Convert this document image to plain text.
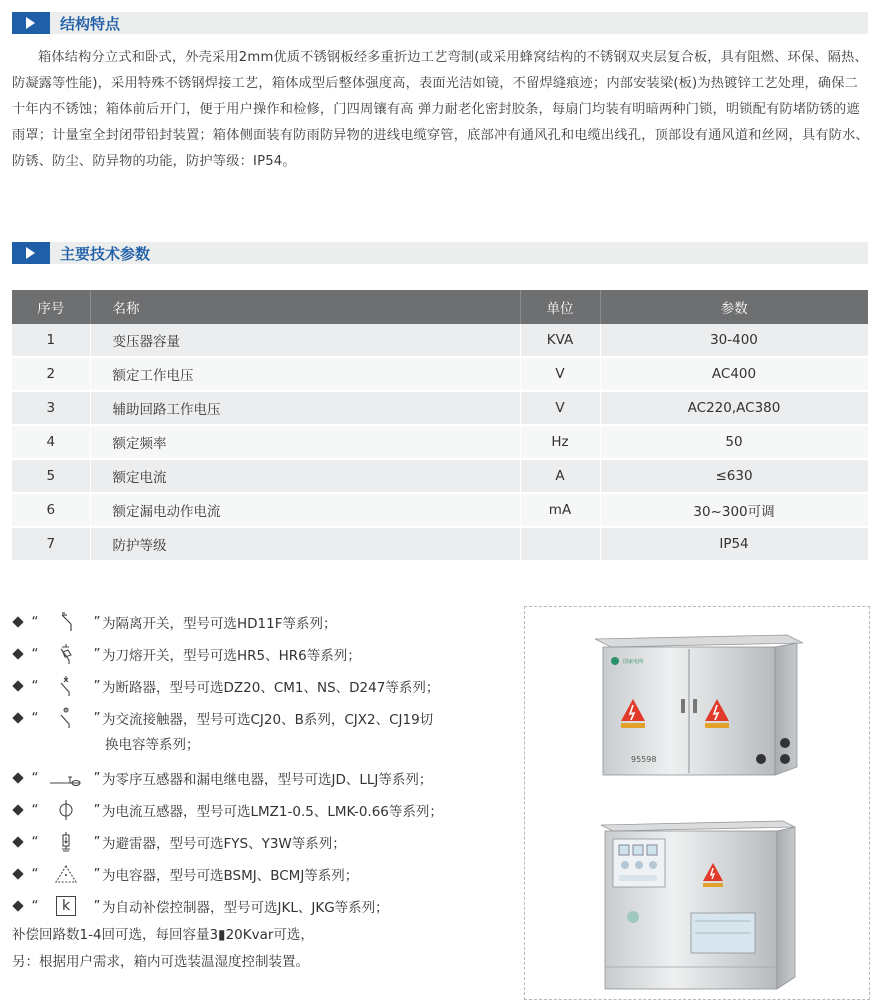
结构特点
箱体结构分立式和卧式，外壳采用2mm优质不锈钢板经多重折边工艺弯制(或采用蜂窝结构的不锈钢双夹层复合板，具有阻燃、环保、隔热、防凝露等性能)，采用特殊不锈钢焊接工艺，箱体成型后整体强度高，表面光洁如镜，不留焊缝痕迹；内部安装梁(板)为热镀锌工艺处理，确保二十年内不锈蚀；箱体前后开门，便于用户操作和检修，门四周镶有高 弹力耐老化密封胶条，每扇门均装有明暗两种门锁，明锁配有防堵防锈的遮雨罩；计量室全封闭带铅封装置；箱体侧面装有防雨防异物的进线电缆穿管，底部冲有通风孔和电缆出线孔，顶部设有通风道和丝网，具有防水、防锈、防尘、防异物的功能，防护等级：IP54。
主要技术参数
序号	名称	单位	参数
1	变压器容量	KVA	30-400
2	额定工作电压	V	AC400
3	辅助回路工作电压	V	AC220,AC380
4	额定频率	Hz	50
5	额定电流	A	≤630
6	额定漏电动作电流	mA	30~300可调
7	防护等级		IP54
“	” 为隔离开关，型号可选HD11F等系列；
“	” 为刀熔开关，型号可选HR5、HR6等系列；
“	” 为断路器，型号可选DZ20、CM1、NS、D247等系列；
“	” 为交流接触器，型号可选CJ20、B系列，CJX2、CJ19切
换电容等系列；
“	” 为零序互感器和漏电继电器，型号可选JD、LLJ等系列；
“	” 为电流互感器，型号可选LMZ1-0.5、LMK-0.66等系列；
“	” 为避雷器，型号可选FYS、Y3W等系列；
“	” 为电容器，型号可选BSMJ、BCMJ等系列；
“	k	” 为自动补偿控制器，型号可选JKL、JKG等系列；
补偿回路数1-4回可选，每回容量3▮20Kvar可选，
另：根据用户需求，箱内可选装温湿度控制装置。
国家电网
95598
